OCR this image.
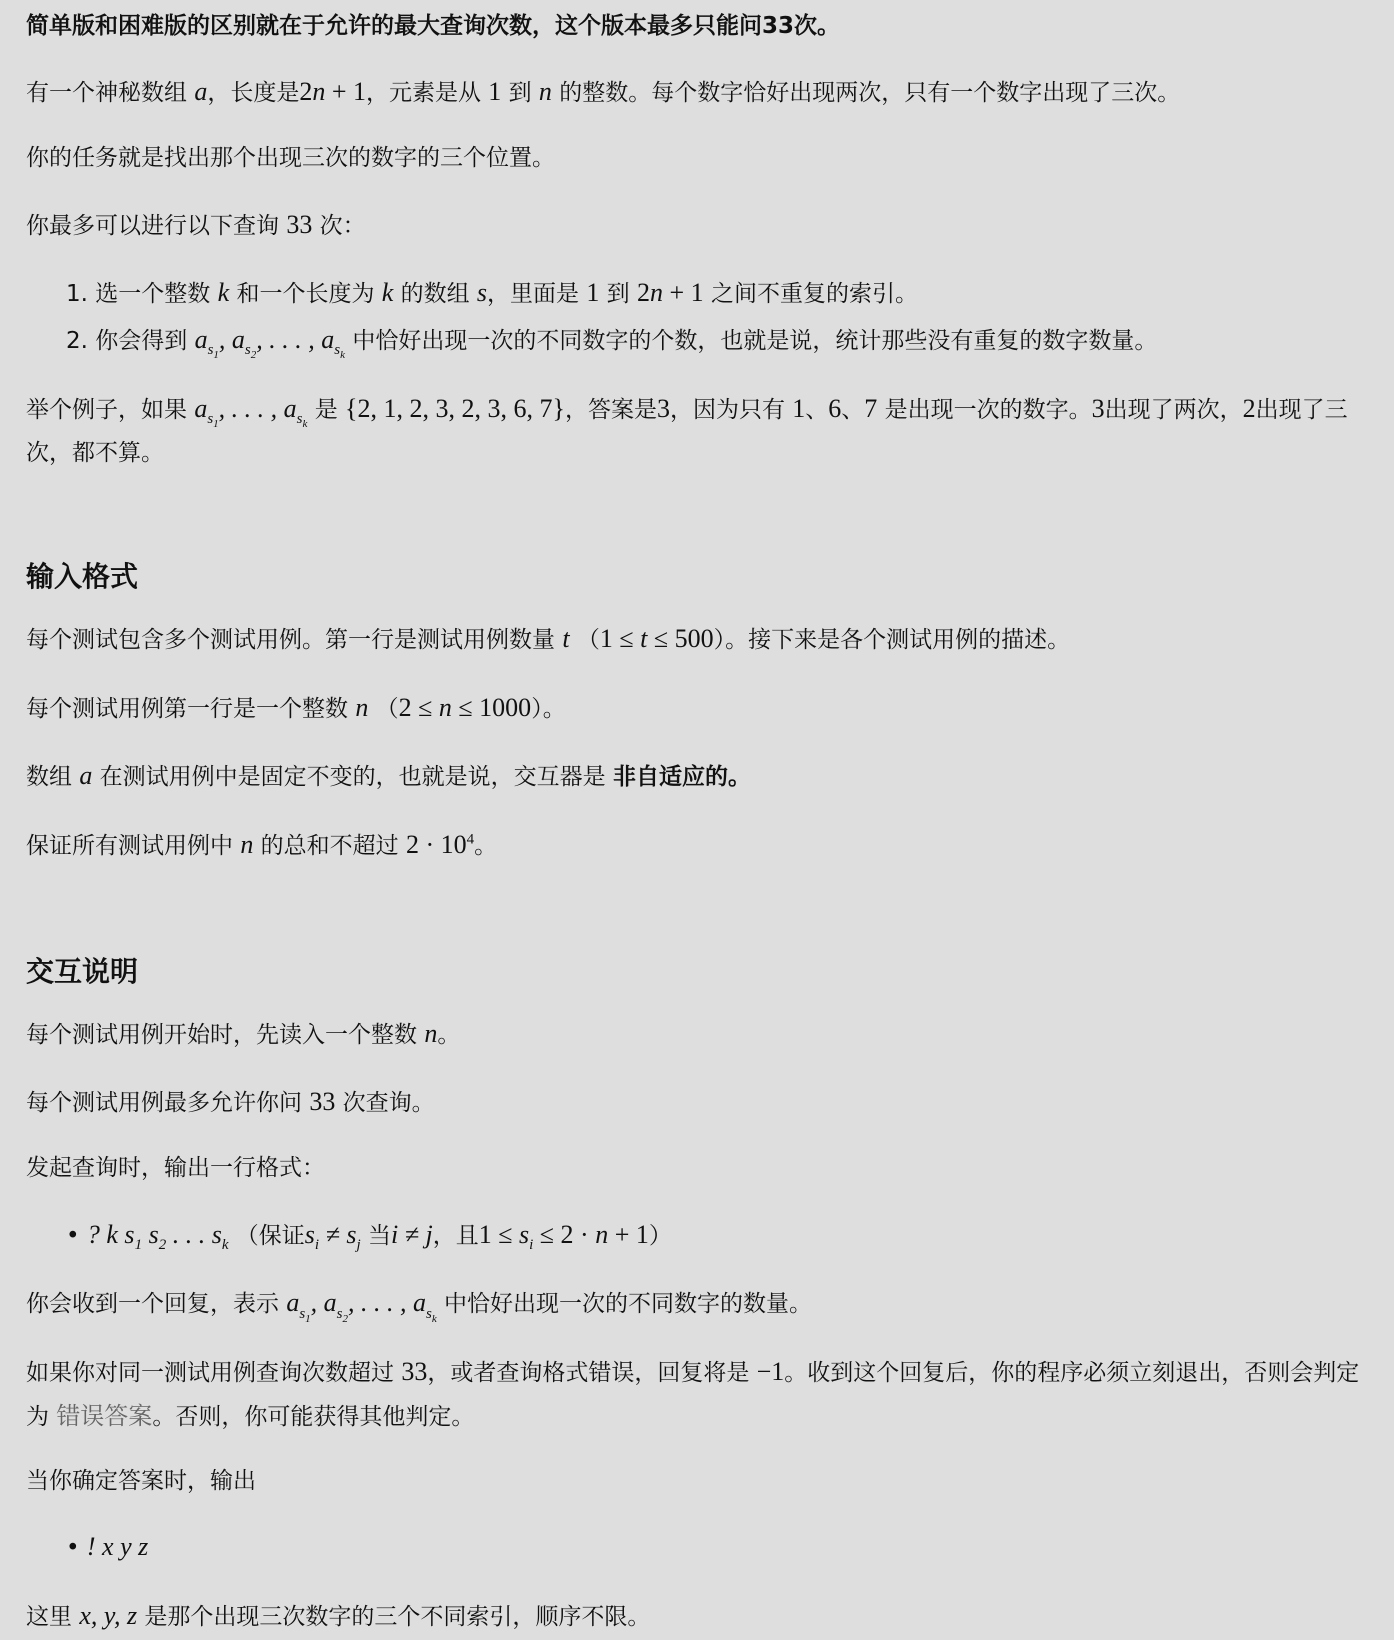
简单版和困难版的区别就在于允许的最大查询次数，这个版本最多只能问33次。

有一个神秘数组 a，长度是2n + 1，元素是从 1 到 n 的整数。每个数字恰好出现两次，只有一个数字出现了三次。

你的任务就是找出那个出现三次的数字的三个位置。

你最多可以进行以下查询 33 次：

1. 选一个整数 k 和一个长度为 k 的数组 s，里面是 1 到 2n + 1 之间不重复的索引。
2. 你会得到 $a_{s_1}$, $a_{s_2}$, . . . , $a_{s_k}$ 中恰好出现一次的不同数字的个数，也就是说，统计那些没有重复的数字数量。

举个例子，如果 $a_{s_1}$, . . . , $a_{s_k}$ 是 {2, 1, 2, 3, 2, 3, 6, 7}，答案是3，因为只有 1、6、7 是出现一次的数字。3出现了两次，2出现了三次，都不算。

输入格式

每个测试包含多个测试用例。第一行是测试用例数量 t （1 ≤ t ≤ 500）。接下来是各个测试用例的描述。

每个测试用例第一行是一个整数 n （2 ≤ n ≤ 1000）。

数组 a 在测试用例中是固定不变的，也就是说，交互器是 非自适应的。

保证所有测试用例中 n 的总和不超过 $2 \cdot 10^4$。

交互说明

每个测试用例开始时，先读入一个整数 n。

每个测试用例最多允许你问 33 次查询。

发起查询时，输出一行格式：

• ? k $s_1$ $s_2$ . . . $s_k$ （保证$s_i \ne s_j$ 当i ≠ j，且$1 \le s_i \le 2 \cdot n + 1$）

你会收到一个回复，表示 $a_{s_1}$, $a_{s_2}$, . . . , $a_{s_k}$ 中恰好出现一次的不同数字的数量。

如果你对同一测试用例查询次数超过 33，或者查询格式错误，回复将是 −1。收到这个回复后，你的程序必须立刻退出，否则会判定为 错误答案。否则，你可能获得其他判定。

当你确定答案时，输出

• ! x y z

这里 x, y, z 是那个出现三次数字的三个不同索引，顺序不限。
